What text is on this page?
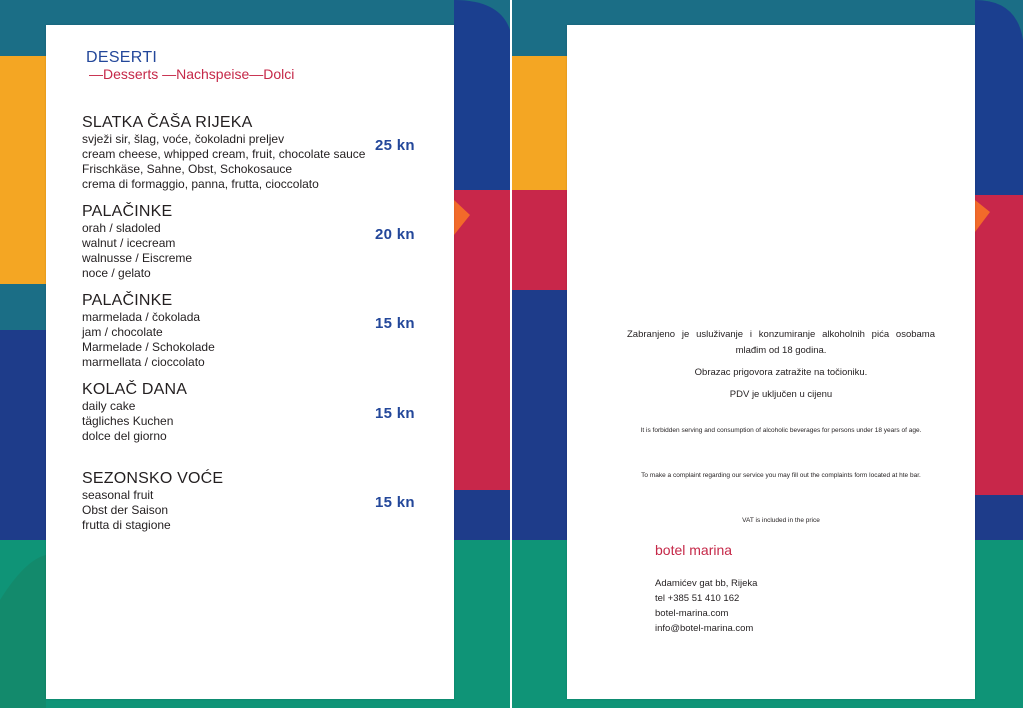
DESERTI
—Desserts —Nachspeise—Dolci
SLATKA ČAŠA RIJEKA
svježi sir, šlag, voće, čokoladni preljev
cream cheese, whipped cream, fruit, chocolate sauce
Frischkäse, Sahne, Obst, Schokosauce
crema di formaggio, panna, frutta, cioccolato
25 kn
PALAČINKE
orah / sladoled
walnut / icecream
walnusse / Eiscreme
noce / gelato
20 kn
PALAČINKE
marmelada / čokolada
jam / chocolate
Marmelade / Schokolade
marmellata / cioccolato
15 kn
KOLAČ DANA
daily cake
tägliches Kuchen
dolce del giorno
15 kn
SEZONSKO VOĆE
seasonal fruit
Obst der Saison
frutta di stagione
15 kn
Zabranjeno je usluživanje i konzumiranje alkoholnih pića osobama mlađim od 18 godina.
Obrazac prigovora zatražite na točioniku.
PDV je uključen u cijenu
It is forbidden serving and consumption of alcoholic beverages for persons under 18 years of age.
To make a complaint regarding our service you may fill out the complaints form located at hte bar.
VAT is included in the price
botel marina
Adamićev gat bb, Rijeka
tel +385 51 410 162
botel-marina.com
info@botel-marina.com
